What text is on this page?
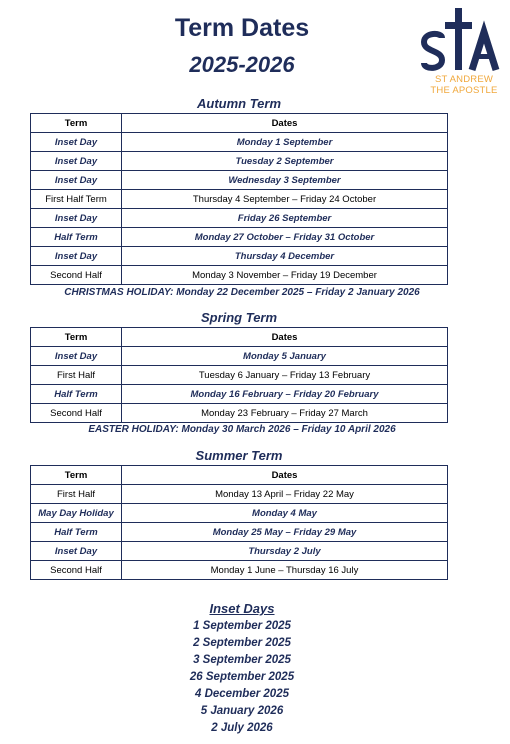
Term Dates
2025-2026
ST ANDREW
THE APOSTLE
Autumn Term
Term	Dates
Inset Day	Monday 1 September
Inset Day	Tuesday 2 September
Inset Day	Wednesday 3 September
First Half Term	Thursday 4 September – Friday 24 October
Inset Day	Friday 26 September
Half Term	Monday 27 October – Friday 31 October
Inset Day	Thursday 4 December
Second Half	Monday 3 November – Friday 19 December
CHRISTMAS HOLIDAY: Monday 22 December 2025 – Friday 2 January 2026
Spring Term
Term	Dates
Inset Day	Monday 5 January
First Half	Tuesday 6 January – Friday 13 February
Half Term	Monday 16 February – Friday 20 February
Second Half	Monday 23 February – Friday 27 March
EASTER HOLIDAY: Monday 30 March 2026 – Friday 10 April 2026
Summer Term
Term	Dates
First Half	Monday 13 April – Friday 22 May
May Day Holiday	Monday 4 May
Half Term	Monday 25 May – Friday 29 May
Inset Day	Thursday 2 July
Second Half	Monday 1 June – Thursday 16 July
Inset Days
1 September 2025
2 September 2025
3 September 2025
26 September 2025
4 December 2025
5 January 2026
2 July 2026
